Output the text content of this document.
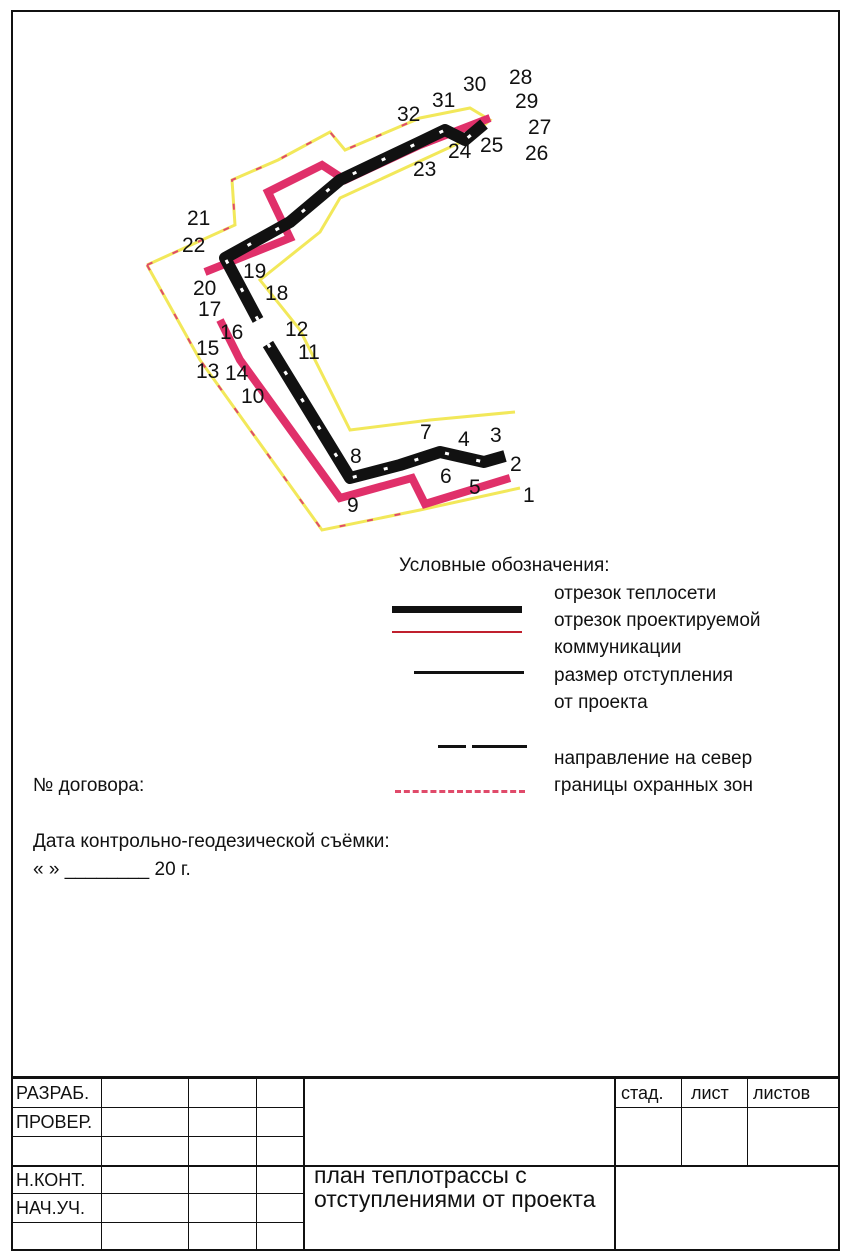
1
2
3
4
5
6
7
8
9
10
11
12
13 14
15
16
17
18
19
20
21
22
23
24 25 26
27
28
29
30
31
32
Условные обозначения:
отрезок теплосети
отрезок проектируемой
коммуникации
размер отступления
от проекта
направление на север
границы охранных зон
№ договора:
Дата контрольно-геодезической съёмки:
« » ________ 20 г.
РАЗРАБ.
ПРОВЕР.
Н.КОНТ.
НАЧ.УЧ.
стад. лист листов
план теплотрассы с отступлениями от проекта
